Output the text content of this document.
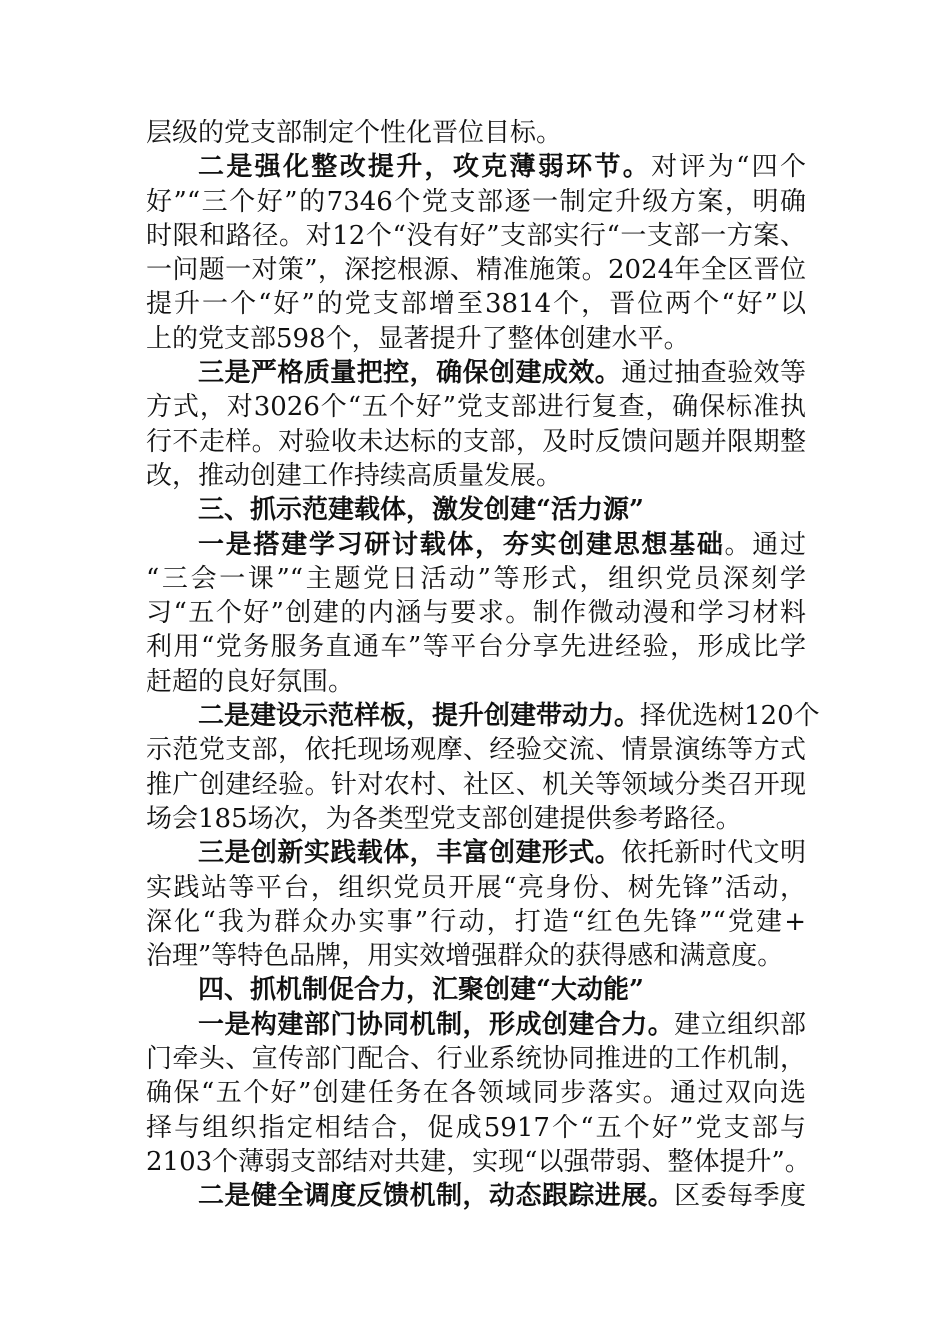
层级的党支部制定个性化晋位目标。
二是强化整改提升，攻克薄弱环节。对评为“四个
好”“三个好”的7346个党支部逐一制定升级方案，明确
时限和路径。对12个“没有好”支部实行“一支部一方案、
一问题一对策”，深挖根源、精准施策。2024年全区晋位
提升一个“好”的党支部增至3814个，晋位两个“好”以
上的党支部598个，显著提升了整体创建水平。
三是严格质量把控，确保创建成效。通过抽查验效等
方式，对3026个“五个好”党支部进行复查，确保标准执
行不走样。对验收未达标的支部，及时反馈问题并限期整
改，推动创建工作持续高质量发展。
三、抓示范建载体，激发创建“活力源”
一是搭建学习研讨载体，夯实创建思想基础。通过
“三会一课”“主题党日活动”等形式，组织党员深刻学
习“五个好”创建的内涵与要求。制作微动漫和学习材料
利用“党务服务直通车”等平台分享先进经验，形成比学
赶超的良好氛围。
二是建设示范样板，提升创建带动力。择优选树120个
示范党支部，依托现场观摩、经验交流、情景演练等方式
推广创建经验。针对农村、社区、机关等领域分类召开现
场会185场次，为各类型党支部创建提供参考路径。
三是创新实践载体，丰富创建形式。依托新时代文明
实践站等平台，组织党员开展“亮身份、树先锋”活动，
深化“我为群众办实事”行动，打造“红色先锋”“党建+
治理”等特色品牌，用实效增强群众的获得感和满意度。
四、抓机制促合力，汇聚创建“大动能”
一是构建部门协同机制，形成创建合力。建立组织部
门牵头、宣传部门配合、行业系统协同推进的工作机制，
确保“五个好”创建任务在各领域同步落实。通过双向选
择与组织指定相结合，促成5917个“五个好”党支部与
2103个薄弱支部结对共建，实现“以强带弱、整体提升”。
二是健全调度反馈机制，动态跟踪进展。区委每季度
